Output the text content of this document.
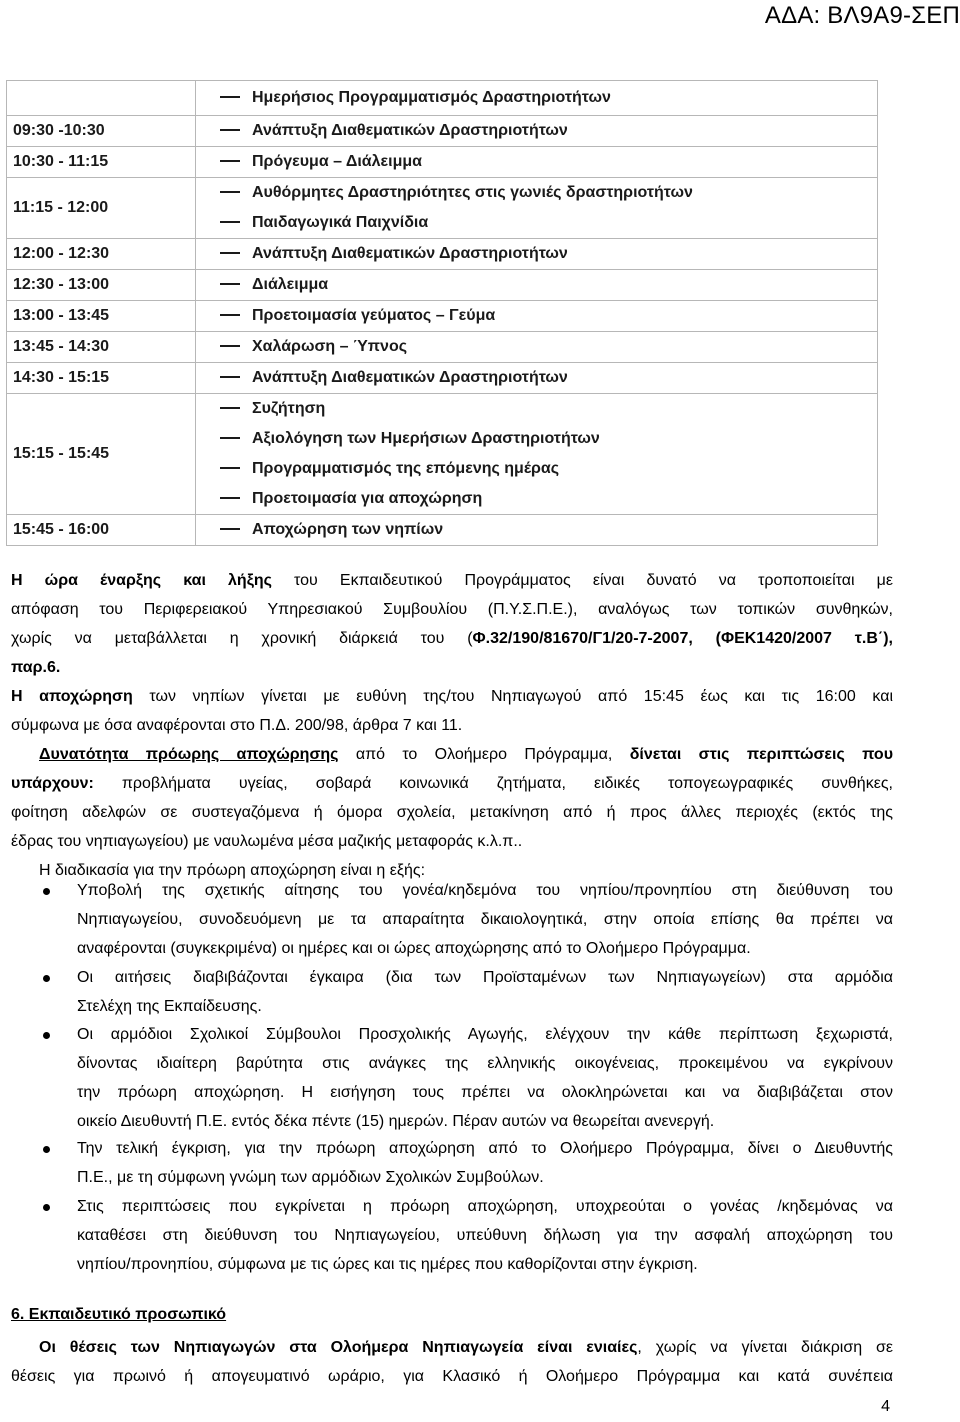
ΑΔΑ: ΒΛ9Α9-ΣΕΠ

	Ημερήσιος Προγραμματισμός Δραστηριοτήτων

09:30 -10:30	Ανάπτυξη Διαθεματικών Δραστηριοτήτων

10:30 - 11:15	Πρόγευμα – Διάλειμμα

11:15 - 12:00	Αυθόρμητες Δραστηριότητες στις γωνιές δραστηριοτήτων
Παιδαγωγικά Παιχνίδια

12:00 - 12:30	Ανάπτυξη Διαθεματικών Δραστηριοτήτων

12:30 - 13:00	Διάλειμμα

13:00 - 13:45	Προετοιμασία γεύματος – Γεύμα

13:45 - 14:30	Χαλάρωση – Ύπνος

14:30 - 15:15	Ανάπτυξη Διαθεματικών Δραστηριοτήτων

15:15 - 15:45	Συζήτηση
Αξιολόγηση των Ημερήσιων Δραστηριοτήτων
Προγραμματισμός της επόμενης ημέρας
Προετοιμασία για αποχώρηση

15:45 - 16:00	Αποχώρηση των νηπίων
Η ώρα έναρξης και λήξης του Εκπαιδευτικού Προγράμματος είναι δυνατό να τροποποιείται με
απόφαση του Περιφερειακού Υπηρεσιακού Συμβουλίου (Π.Υ.Σ.Π.Ε.), αναλόγως των τοπικών συνθηκών,
χωρίς να μεταβάλλεται η χρονική διάρκειά του (Φ.32/190/81670/Γ1/20-7-2007, (ΦΕΚ1420/2007 τ.Β΄),
παρ.6.
Η αποχώρηση των νηπίων γίνεται με ευθύνη της/του Νηπιαγωγού από 15:45 έως και τις 16:00 και
σύμφωνα με όσα αναφέρονται στο Π.Δ. 200/98, άρθρα 7 και 11.
Δυνατότητα πρόωρης αποχώρησης από το Ολοήμερο Πρόγραμμα, δίνεται στις περιπτώσεις που
υπάρχουν: προβλήματα υγείας, σοβαρά κοινωνικά ζητήματα, ειδικές τοπογεωγραφικές συνθήκες,
φοίτηση αδελφών σε συστεγαζόμενα ή όμορα σχολεία, μετακίνηση από ή προς άλλες περιοχές (εκτός της
έδρας του νηπιαγωγείου) με ναυλωμένα μέσα μαζικής μεταφοράς κ.λ.π..
Η διαδικασία για την πρόωρη αποχώρηση είναι η εξής:
Υποβολή της σχετικής αίτησης του γονέα/κηδεμόνα του νηπίου/προνηπίου στη διεύθυνση του
Νηπιαγωγείου, συνοδευόμενη με τα απαραίτητα δικαιολογητικά, στην οποία επίσης θα πρέπει να
αναφέρονται (συγκεκριμένα) οι ημέρες και οι ώρες αποχώρησης από το Ολοήμερο Πρόγραμμα.
Οι αιτήσεις διαβιβάζονται έγκαιρα (δια των Προϊσταμένων των Νηπιαγωγείων) στα αρμόδια
Στελέχη της Εκπαίδευσης.
Οι αρμόδιοι Σχολικοί Σύμβουλοι Προσχολικής Αγωγής, ελέγχουν την κάθε περίπτωση ξεχωριστά,
δίνοντας ιδιαίτερη βαρύτητα στις ανάγκες της ελληνικής οικογένειας, προκειμένου να εγκρίνουν
την πρόωρη αποχώρηση. Η εισήγηση τους πρέπει να ολοκληρώνεται και να διαβιβάζεται στον
οικείο Διευθυντή Π.Ε. εντός δέκα πέντε (15) ημερών. Πέραν αυτών να θεωρείται ανενεργή.
Την τελική έγκριση, για την πρόωρη αποχώρηση από το Ολοήμερο Πρόγραμμα, δίνει ο Διευθυντής
Π.Ε., με τη σύμφωνη γνώμη των αρμόδιων Σχολικών Συμβούλων.
Στις περιπτώσεις που εγκρίνεται η πρόωρη αποχώρηση, υποχρεούται ο γονέας /κηδεμόνας να
καταθέσει στη διεύθυνση του Νηπιαγωγείου, υπεύθυνη δήλωση για την ασφαλή αποχώρηση του
νηπίου/προνηπίου, σύμφωνα με τις ώρες και τις ημέρες που καθορίζονται στην έγκριση.
6. Εκπαιδευτικό προσωπικό
Οι θέσεις των Νηπιαγωγών στα Ολοήμερα Νηπιαγωγεία είναι ενιαίες, χωρίς να γίνεται διάκριση σε
θέσεις για πρωινό ή απογευματινό ωράριο, για Κλασικό ή Ολοήμερο Πρόγραμμα και κατά συνέπεια
4
